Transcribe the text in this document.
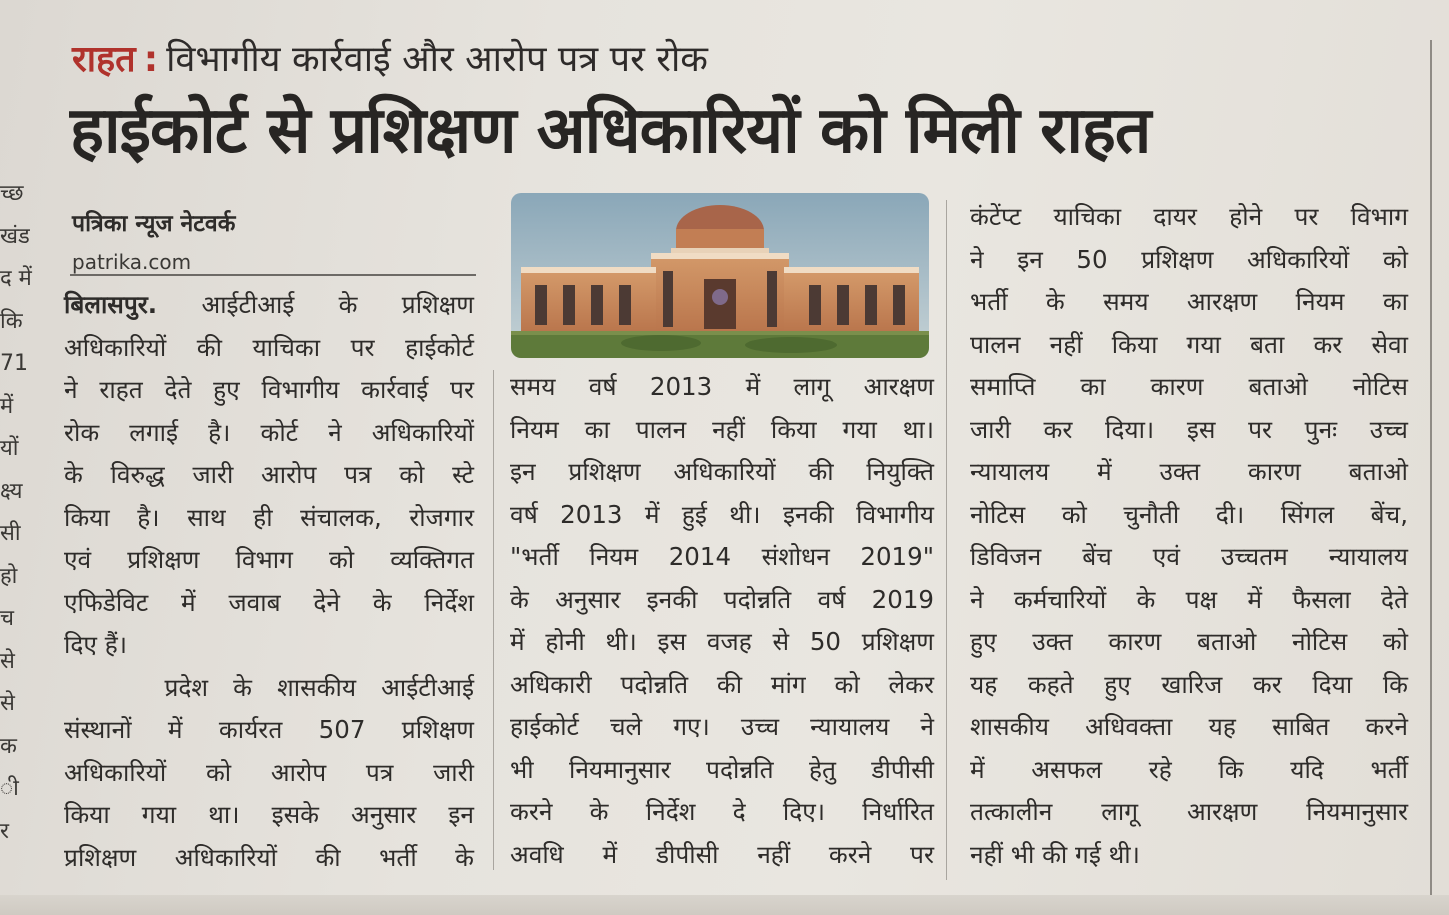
च्छ

खंड

द में

कि

71

में

यों

क्ष्य

सी

हो

च

से

से

क

ी

र

राहत : विभागीय कार्रवाई और आरोप पत्र पर रोक
हाईकोर्ट से प्रशिक्षण अधिकारियों को मिली राहत
पत्रिका न्यूज नेटवर्क
patrika.com

बिलासपुर. आईटीआई के प्रशिक्षण

अधिकारियों की याचिका पर हाईकोर्ट

ने राहत देते हुए विभागीय कार्रवाई पर

रोक लगाई है। कोर्ट ने अधिकारियों

के विरुद्ध जारी आरोप पत्र को स्टे

किया है। साथ ही संचालक, रोजगार

एवं प्रशिक्षण विभाग को व्यक्तिगत

एफिडेविट में जवाब देने के निर्देश

दिए हैं।

प्रदेश के शासकीय आईटीआई

संस्थानों में कार्यरत 507 प्रशिक्षण

अधिकारियों को आरोप पत्र जारी

किया गया था। इसके अनुसार इन

प्रशिक्षण अधिकारियों की भर्ती के

समय वर्ष 2013 में लागू आरक्षण

नियम का पालन नहीं किया गया था।

इन प्रशिक्षण अधिकारियों की नियुक्ति

वर्ष 2013 में हुई थी। इनकी विभागीय

"भर्ती नियम 2014 संशोधन 2019"

के अनुसार इनकी पदोन्नति वर्ष 2019

में होनी थी। इस वजह से 50 प्रशिक्षण

अधिकारी पदोन्नति की मांग को लेकर

हाईकोर्ट चले गए। उच्च न्यायालय ने

भी नियमानुसार पदोन्नति हेतु डीपीसी

करने के निर्देश दे दिए। निर्धारित

अवधि में डीपीसी नहीं करने पर

कंटेंप्ट याचिका दायर होने पर विभाग

ने इन 50 प्रशिक्षण अधिकारियों को

भर्ती के समय आरक्षण नियम का

पालन नहीं किया गया बता कर सेवा

समाप्ति का कारण बताओ नोटिस

जारी कर दिया। इस पर पुनः उच्च

न्यायालय में उक्त कारण बताओ

नोटिस को चुनौती दी। सिंगल बेंच,

डिविजन बेंच एवं उच्चतम न्यायालय

ने कर्मचारियों के पक्ष में फैसला देते

हुए उक्त कारण बताओ नोटिस को

यह कहते हुए खारिज कर दिया कि

शासकीय अधिवक्ता यह साबित करने

में असफल रहे कि यदि भर्ती

तत्कालीन लागू आरक्षण नियमानुसार

नहीं भी की गई थी।
